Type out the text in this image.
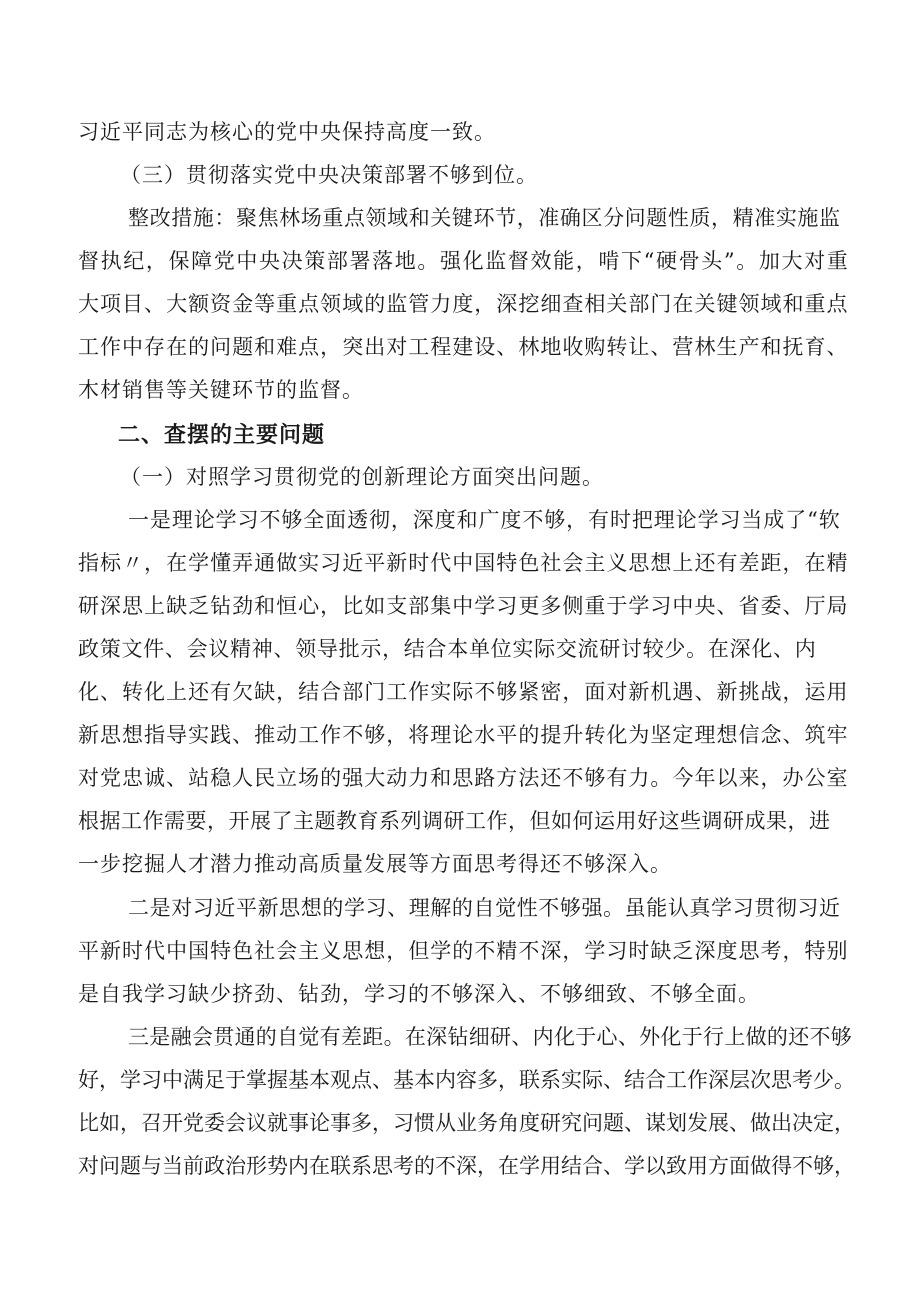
习近平同志为核心的党中央保持高度一致。
（三）贯彻落实党中央决策部署不够到位。
整 改 措 施 ： 聚 焦 林 场 重 点 领 域 和 关 键 环 节 ， 准 确 区 分 问 题 性 质 ， 精 准 实 施 监
督 执 纪 ， 保 障 党 中 央 决 策 部 署 落 地 。 强 化 监 督 效 能 ， 啃 下 “ 硬 骨 头 ” 。 加 大 对 重
大 项 目 、 大 额 资 金 等 重 点 领 域 的 监 管 力 度 ， 深 挖 细 查 相 关 部 门 在 关 键 领 域 和 重 点
工 作 中 存 在 的 问 题 和 难 点 ， 突 出 对 工 程 建 设 、 林 地 收 购 转 让 、 营 林 生 产 和 抚 育 、
木材销售等关键环节的监督。
二、查摆的主要问题
（一）对照学习贯彻党的创新理论方面突出问题。
一 是 理 论 学 习 不 够 全 面 透 彻 ， 深 度 和 广 度 不 够 ， 有 时 把 理 论 学 习 当 成 了 “ 软
指 标 〃 ， 在 学 懂 弄 通 做 实 习 近 平 新 时 代 中 国 特 色 社 会 主 义 思 想 上 还 有 差 距 ， 在 精
研 深 思 上 缺 乏 钻 劲 和 恒 心 ， 比 如 支 部 集 中 学 习 更 多 侧 重 于 学 习 中 央 、 省 委 、 厅 局
政 策 文 件 、 会 议 精 神 、 领 导 批 示 ， 结 合 本 单 位 实 际 交 流 研 讨 较 少 。 在 深 化 、 内
化 、 转 化 上 还 有 欠 缺 ， 结 合 部 门 工 作 实 际 不 够 紧 密 ， 面 对 新 机 遇 、 新 挑 战 ， 运 用
新 思 想 指 导 实 践 、 推 动 工 作 不 够 ， 将 理 论 水 平 的 提 升 转 化 为 坚 定 理 想 信 念 、 筑 牢
对 党 忠 诚 、 站 稳 人 民 立 场 的 强 大 动 力 和 思 路 方 法 还 不 够 有 力 。 今 年 以 来 ， 办 公 室
根 据 工 作 需 要 ， 开 展 了 主 题 教 育 系 列 调 研 工 作 ， 但 如 何 运 用 好 这 些 调 研 成 果 ， 进
一步挖掘人才潜力推动高质量发展等方面思考得还不够深入。
二 是 对 习 近 平 新 思 想 的 学 习 、 理 解 的 自 觉 性 不 够 强 。 虽 能 认 真 学 习 贯 彻 习 近
平 新 时 代 中 国 特 色 社 会 主 义 思 想 ， 但 学 的 不 精 不 深 ， 学 习 时 缺 乏 深 度 思 考 ， 特 别
是自我学习缺少挤劲、钻劲，学习的不够深入、不够细致、不够全面。
三 是 融 会 贯 通 的 自 觉 有 差 距 。 在 深 钻 细 研 、 内 化 于 心 、 外 化 于 行 上 做 的 还 不 够
好 ， 学 习 中 满 足 于 掌 握 基 本 观 点 、 基 本 内 容 多 ， 联 系 实 际 、 结 合 工 作 深 层 次 思 考 少 。
比 如 ， 召 开 党 委 会 议 就 事 论 事 多 ， 习 惯 从 业 务 角 度 研 究 问 题 、 谋 划 发 展 、 做 出 决 定 ，
对 问 题 与 当 前 政 治 形 势 内 在 联 系 思 考 的 不 深 ， 在 学 用 结 合 、 学 以 致 用 方 面 做 得 不 够 ，
